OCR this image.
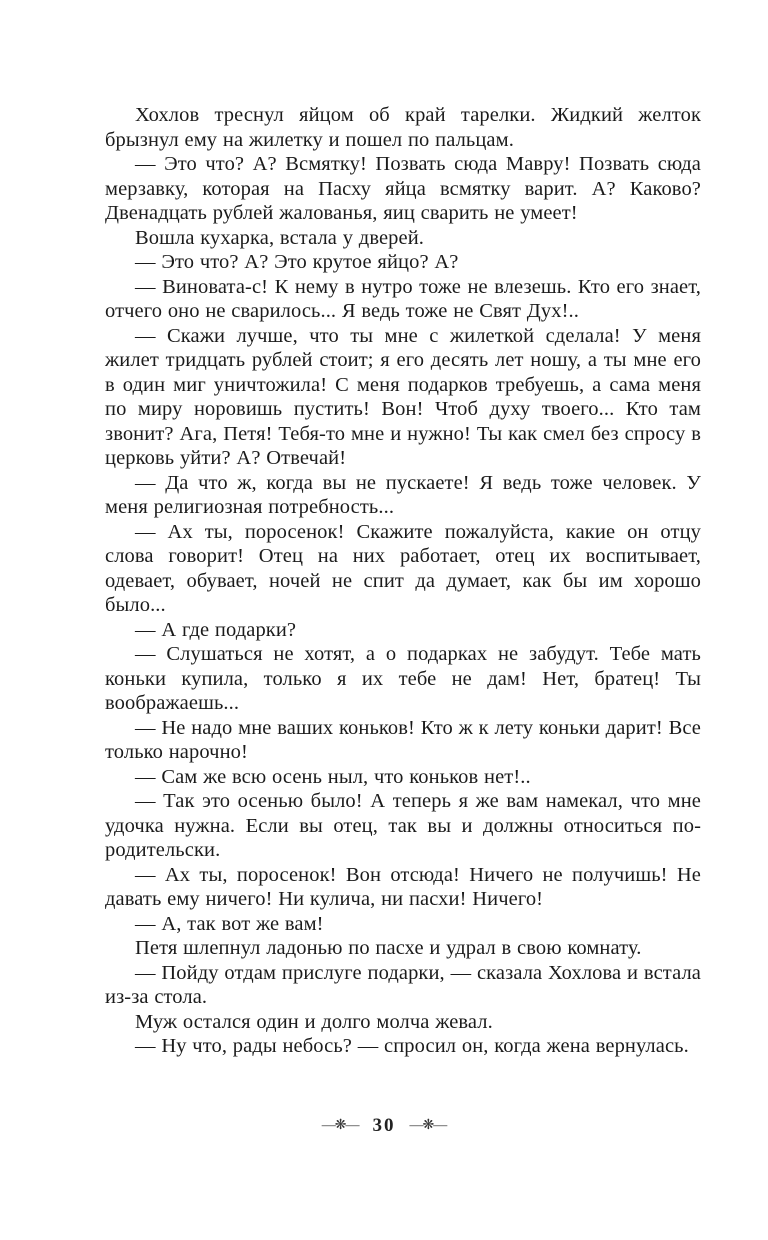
Хохлов треснул яйцом об край тарелки. Жидкий желток брызнул ему на жилетку и пошел по пальцам.

— Это что? А? Всмятку! Позвать сюда Мавру! Позвать сюда мерзавку, которая на Пасху яйца всмятку варит. А? Каково? Двенадцать рублей жалованья, яиц сварить не умеет!

Вошла кухарка, встала у дверей.

— Это что? А? Это крутое яйцо? А?

— Виновата-с! К нему в нутро тоже не влезешь. Кто его знает, отчего оно не сварилось... Я ведь тоже не Свят Дух!..

— Скажи лучше, что ты мне с жилеткой сделала! У меня жилет тридцать рублей стоит; я его десять лет ношу, а ты мне его в один миг уничтожила! С меня подарков требуешь, а сама меня по миру норовишь пустить! Вон! Чтоб духу твоего... Кто там звонит? Ага, Петя! Тебя-то мне и нужно! Ты как смел без спросу в церковь уйти? А? Отвечай!

— Да что ж, когда вы не пускаете! Я ведь тоже человек. У меня религиозная потребность...

— Ах ты, поросенок! Скажите пожалуйста, какие он отцу слова говорит! Отец на них работает, отец их воспитывает, одевает, обувает, ночей не спит да думает, как бы им хорошо было...

— А где подарки?

— Слушаться не хотят, а о подарках не забудут. Тебе мать коньки купила, только я их тебе не дам! Нет, братец! Ты воображаешь...

— Не надо мне ваших коньков! Кто ж к лету коньки дарит! Все только нарочно!

— Сам же всю осень ныл, что коньков нет!..

— Так это осенью было! А теперь я же вам намекал, что мне удочка нужна. Если вы отец, так вы и должны относиться по-родительски.

— Ах ты, поросенок! Вон отсюда! Ничего не получишь! Не давать ему ничего! Ни кулича, ни пасхи! Ничего!

— А, так вот же вам!

Петя шлепнул ладонью по пасхе и удрал в свою комнату.

— Пойду отдам прислуге подарки, — сказала Хохлова и встала из-за стола.

Муж остался один и долго молча жевал.

— Ну что, рады небось? — спросил он, когда жена вернулась.

—❋— 30 —❋—
